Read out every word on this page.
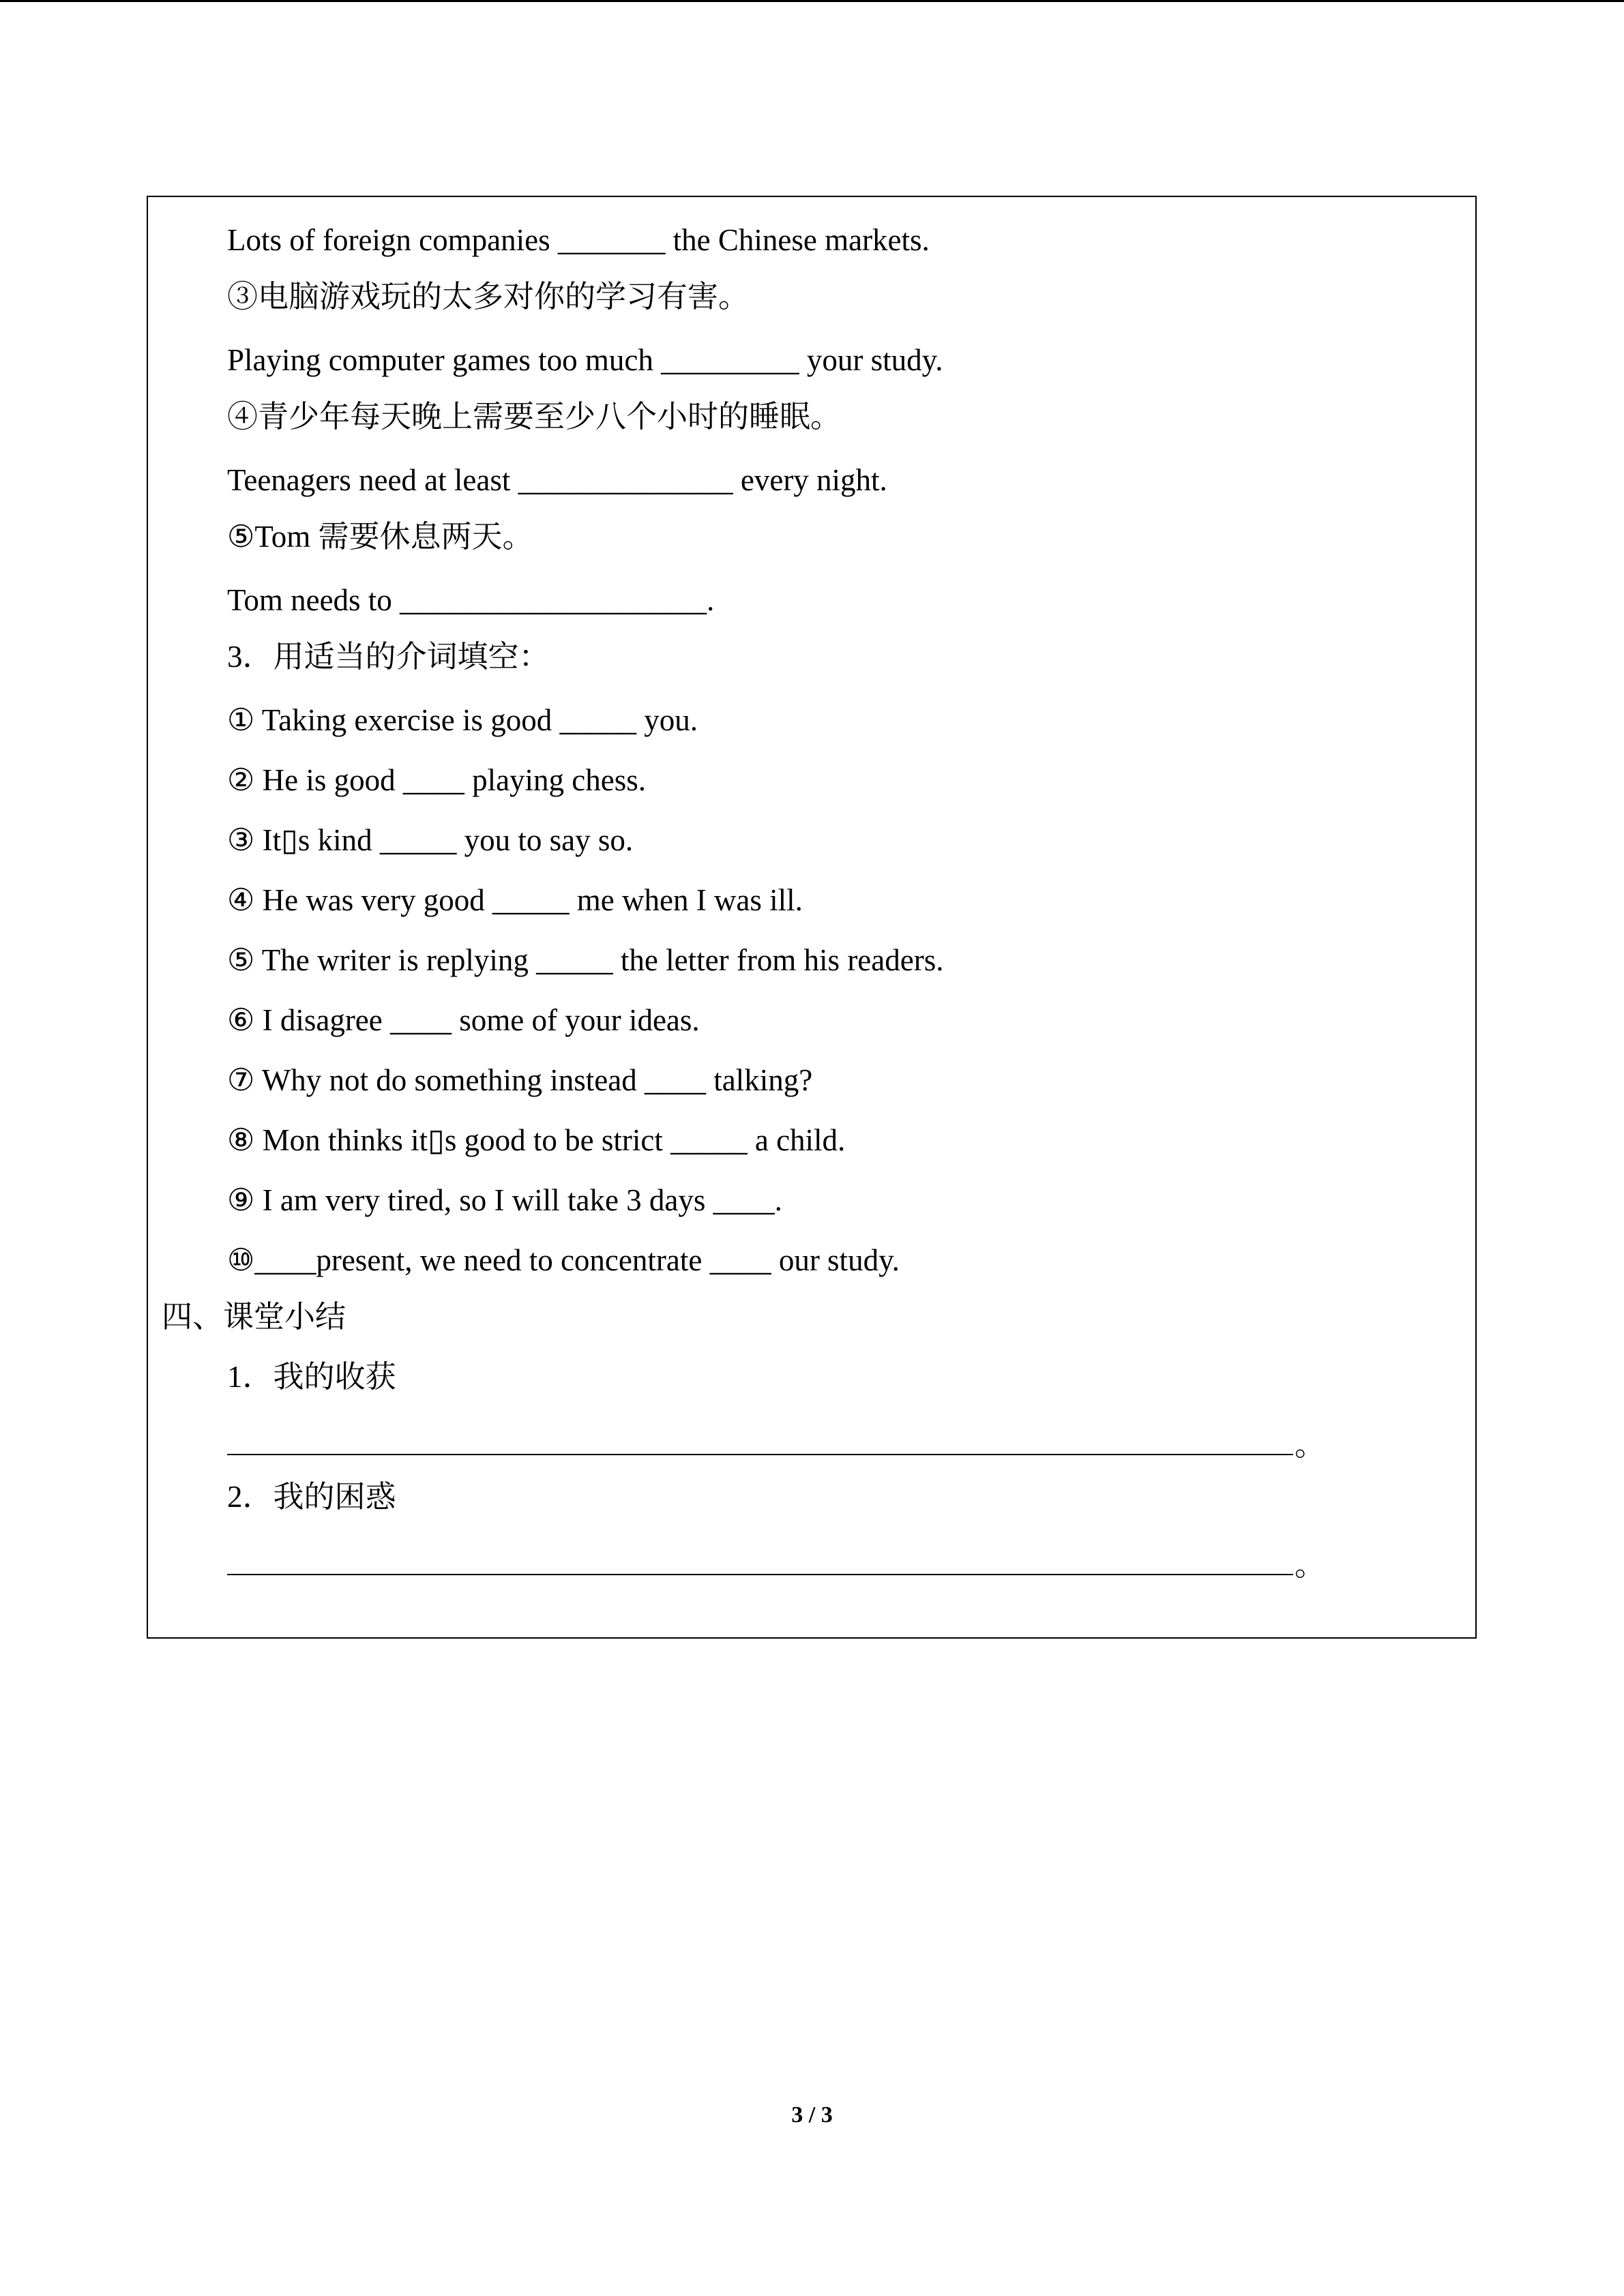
Lots of foreign companies _______ the Chinese markets.
③电脑游戏玩的太多对你的学习有害。
Playing computer games too much _________ your study.
④青少年每天晚上需要至少八个小时的睡眠。
Teenagers need at least ______________ every night.
⑤Tom 需要休息两天。
Tom needs to ____________________.
3．用适当的介词填空：
① Taking exercise is good _____ you.
② He is good ____ playing chess.
③ It▯s kind _____ you to say so.
④ He was very good _____ me when I was ill.
⑤ The writer is replying _____ the letter from his readers.
⑥ I disagree ____ some of your ideas.
⑦ Why not do something instead ____ talking?
⑧ Mon thinks it▯s good to be strict _____ a child.
⑨ I am very tired, so I will take 3 days ____.
⑩____present, we need to concentrate ____ our study.
四、课堂小结
1．我的收获
。
2．我的困惑
。
3 / 3
